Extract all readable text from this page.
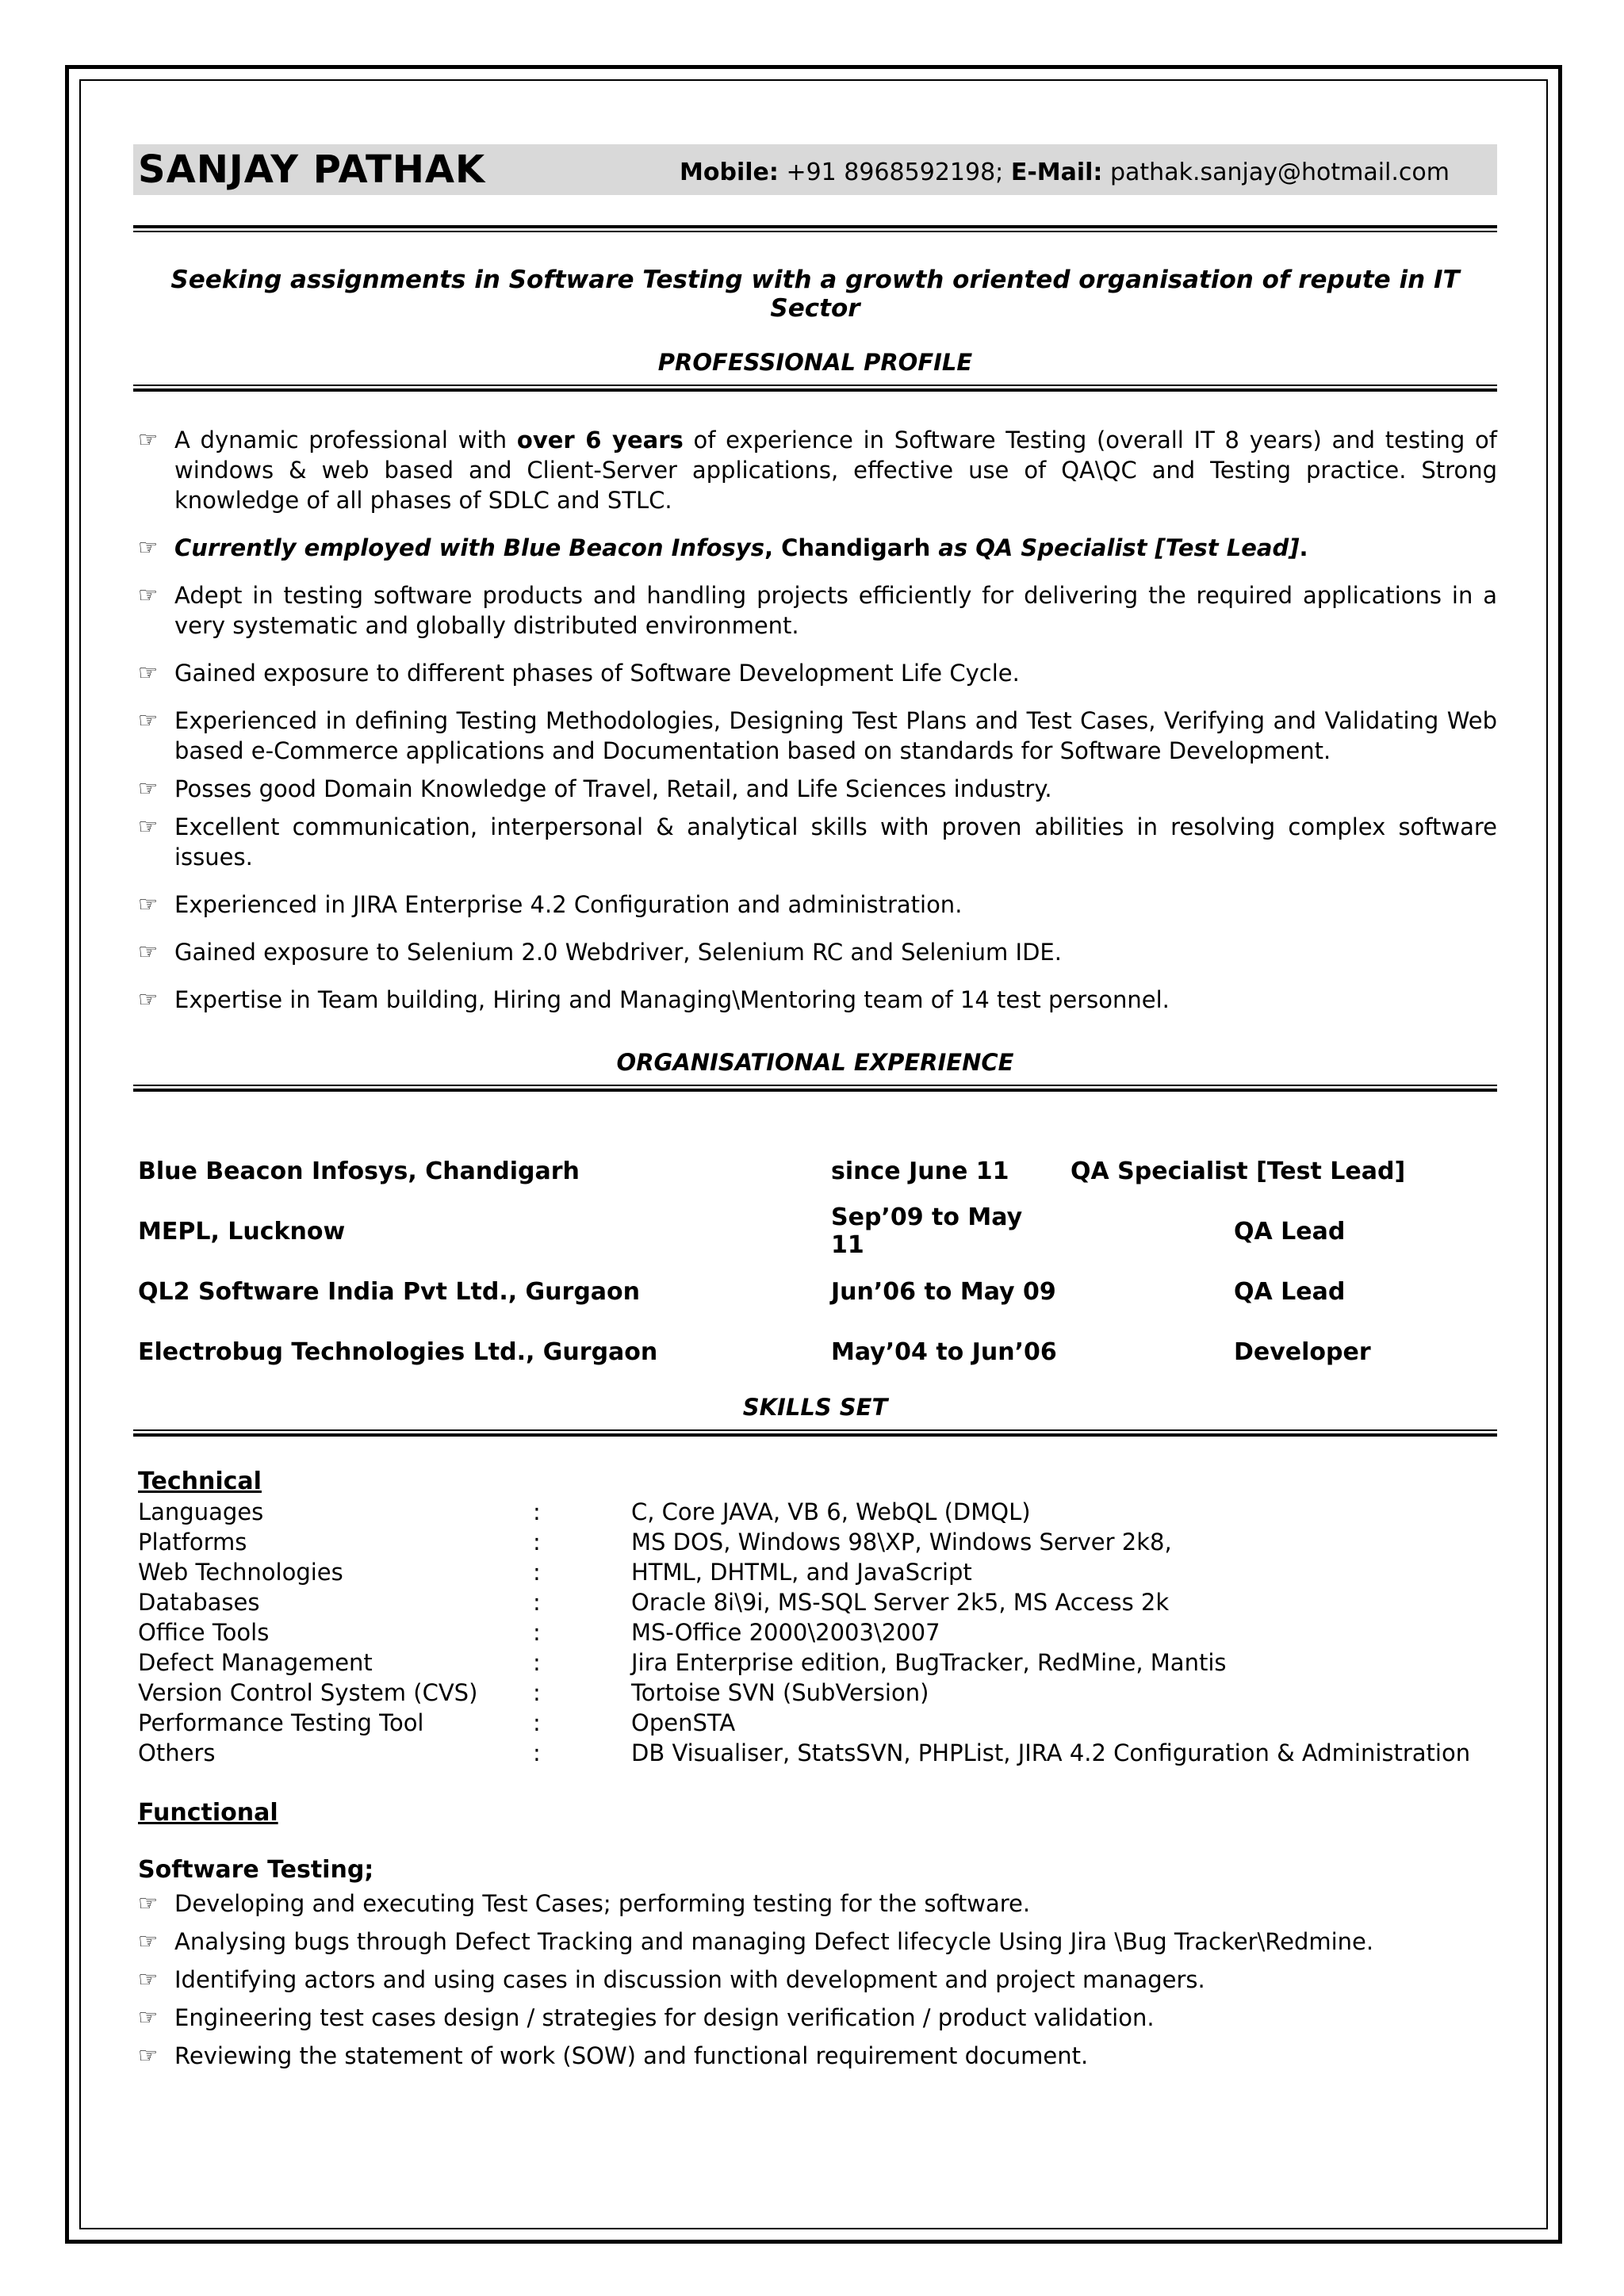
SANJAY PATHAK	Mobile: +91 8968592198; E-Mail: pathak.sanjay@hotmail.com
Seeking assignments in Software Testing with a growth oriented organisation of repute in IT Sector
PROFESSIONAL PROFILE
☞ A dynamic professional with over 6 years of experience in Software Testing (overall IT 8 years) and testing of windows & web based and Client-Server applications, effective use of QA\QC and Testing practice. Strong knowledge of all phases of SDLC and STLC.
☞ Currently employed with Blue Beacon Infosys, Chandigarh as QA Specialist [Test Lead].
☞ Adept in testing software products and handling projects efficiently for delivering the required applications in a very systematic and globally distributed environment.
☞ Gained exposure to different phases of Software Development Life Cycle.
☞ Experienced in defining Testing Methodologies, Designing Test Plans and Test Cases, Verifying and Validating Web based e-Commerce applications and Documentation based on standards for Software Development.
☞ Posses good Domain Knowledge of Travel, Retail, and Life Sciences industry.
☞ Excellent communication, interpersonal & analytical skills with proven abilities in resolving complex software issues.
☞ Experienced in JIRA Enterprise 4.2 Configuration and administration.
☞ Gained exposure to Selenium 2.0 Webdriver, Selenium RC and Selenium IDE.
☞ Expertise in Team building, Hiring and Managing\Mentoring team of 14 test personnel.
ORGANISATIONAL EXPERIENCE
Blue Beacon Infosys, Chandigarh	since June 11	QA Specialist [Test Lead]
MEPL, Lucknow	Sep’09 to May 11	QA Lead
QL2 Software India Pvt Ltd., Gurgaon	Jun’06 to May 09	QA Lead
Electrobug Technologies Ltd., Gurgaon	May’04 to Jun’06	Developer
SKILLS SET
Technical
Languages	:	C, Core JAVA, VB 6, WebQL (DMQL)
Platforms	:	MS DOS, Windows 98\XP, Windows Server 2k8,
Web Technologies	:	HTML, DHTML, and JavaScript
Databases	:	Oracle 8i\9i, MS-SQL Server 2k5, MS Access 2k
Office Tools	:	MS-Office 2000\2003\2007
Defect Management	:	Jira Enterprise edition, BugTracker, RedMine, Mantis
Version Control System (CVS)	:	Tortoise SVN (SubVersion)
Performance Testing Tool	:	OpenSTA
Others	:	DB Visualiser, StatsSVN, PHPList, JIRA 4.2 Configuration & Administration
Functional
Software Testing;
☞ Developing and executing Test Cases; performing testing for the software.
☞ Analysing bugs through Defect Tracking and managing Defect lifecycle Using Jira \Bug Tracker\Redmine.
☞ Identifying actors and using cases in discussion with development and project managers.
☞ Engineering test cases design / strategies for design verification / product validation.
☞ Reviewing the statement of work (SOW) and functional requirement document.
